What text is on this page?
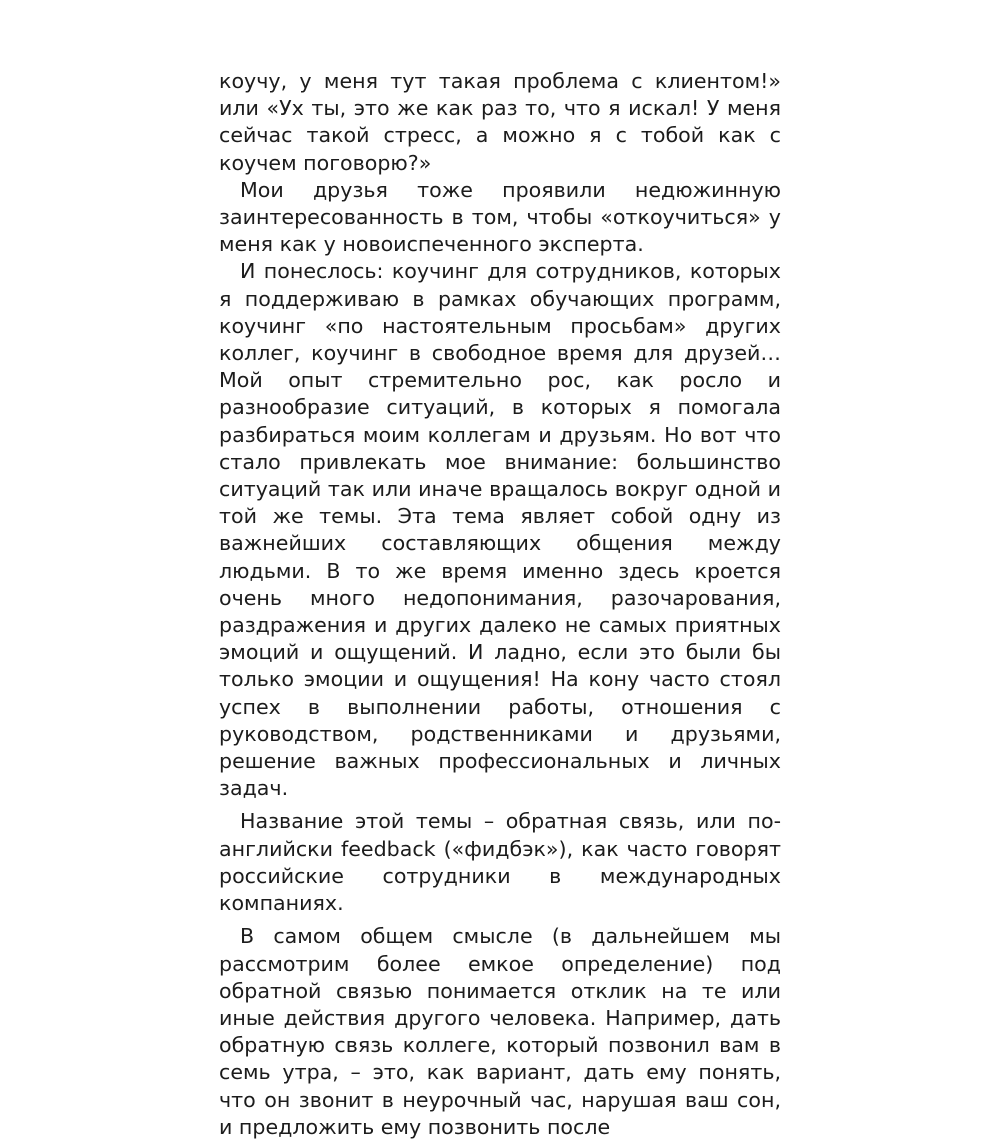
коучу, у меня тут такая проблема с клиентом!» или «Ух ты, это же как раз то, что я искал! У меня сейчас такой стресс, а можно я с тобой как с коучем поговорю?»

Мои друзья тоже проявили недюжинную заинтересованность в том, чтобы «откоучиться» у меня как у новоиспеченного эксперта.

И понеслось: коучинг для сотрудников, которых я поддерживаю в рамках обучающих программ, коучинг «по настоятельным просьбам» других коллег, коучинг в свободное время для друзей… Мой опыт стремительно рос, как росло и разнообразие ситуаций, в которых я помогала разбираться моим коллегам и друзьям. Но вот что стало привлекать мое внимание: большинство ситуаций так или иначе вращалось вокруг одной и той же темы. Эта тема являет собой одну из важнейших составляющих общения между людьми. В то же время именно здесь кроется очень много недопонимания, разочарования, раздражения и других далеко не самых приятных эмоций и ощущений. И ладно, если это были бы только эмоции и ощущения! На кону часто стоял успех в выполнении работы, отношения с руководством, родственниками и друзьями, решение важных профессиональных и личных задач.

Название этой темы – обратная связь, или по-английски feedback («фидбэк»), как часто говорят российские сотрудники в международных компаниях.

В самом общем смысле (в дальнейшем мы рассмотрим более емкое определение) под обратной связью понимается отклик на те или иные действия другого человека. Например, дать обратную связь коллеге, который позвонил вам в семь утра, – это, как вариант, дать ему понять, что он звонит в неурочный час, нарушая ваш сон, и предложить ему позвонить после
